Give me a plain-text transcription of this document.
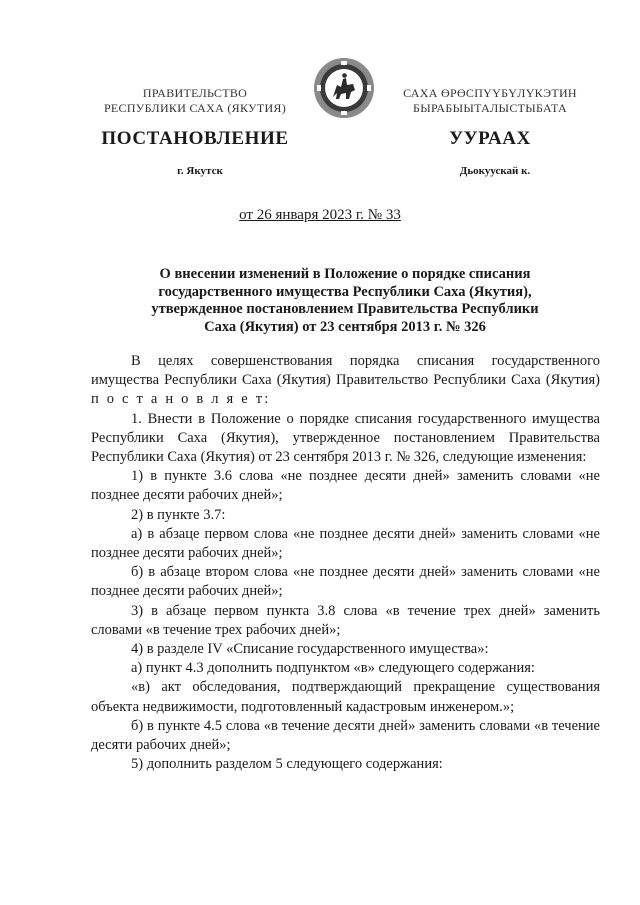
ПРАВИТЕЛЬСТВО
РЕСПУБЛИКИ САХА (ЯКУТИЯ)
САХА ӨРӨСПҮҮБҮЛҮКЭТИН
БЫРАБЫЫТАЛЫСТЫБАТА
ПОСТАНОВЛЕНИЕ	УУРААХ
г. Якутск	Дьокуускай к.
от 26 января 2023 г. № 33
О внесении изменений в Положение о порядке списания
государственного имущества Республики Саха (Якутия),
утвержденное постановлением Правительства Республики
Саха (Якутия) от 23 сентября 2013 г. № 326

В целях совершенствования порядка списания государственного имущества Республики Саха (Якутия) Правительство Республики Саха (Якутия) п о с т а н о в л я е т:

1. Внести в Положение о порядке списания государственного имущества Республики Саха (Якутия), утвержденное постановлением Правительства Республики Саха (Якутия) от 23 сентября 2013 г. № 326, следующие изменения:

1) в пункте 3.6 слова «не позднее десяти дней» заменить словами «не позднее десяти рабочих дней»;

2) в пункте 3.7:

а) в абзаце первом слова «не позднее десяти дней» заменить словами «не позднее десяти рабочих дней»;

б) в абзаце втором слова «не позднее десяти дней» заменить словами «не позднее десяти рабочих дней»;

3) в абзаце первом пункта 3.8 слова «в течение трех дней» заменить словами «в течение трех рабочих дней»;

4) в разделе IV «Списание государственного имущества»:

а) пункт 4.3 дополнить подпунктом «в» следующего содержания:

«в) акт обследования, подтверждающий прекращение существования объекта недвижимости, подготовленный кадастровым инженером.»;

б) в пункте 4.5 слова «в течение десяти дней» заменить словами «в течение десяти рабочих дней»;

5) дополнить разделом 5 следующего содержания:
